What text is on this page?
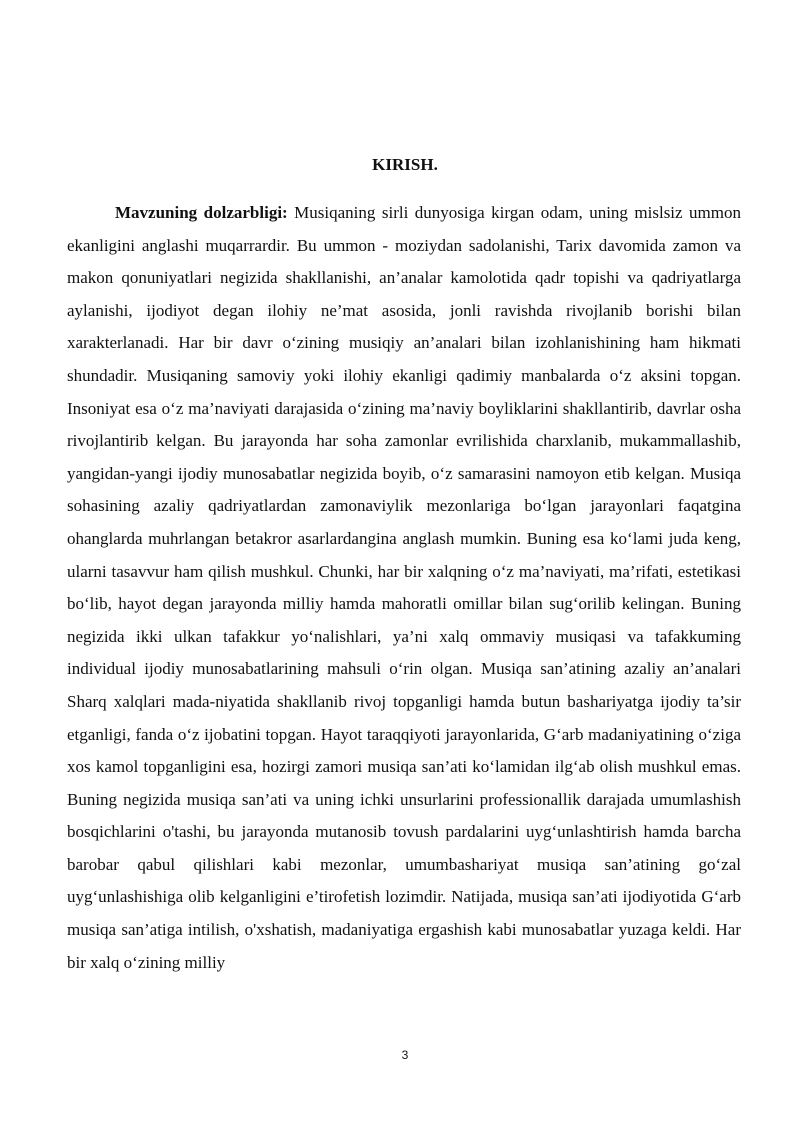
KIRISH.

Mavzuning dolzarbligi: Musiqaning sirli dunyosiga kirgan odam, uning mislsiz ummon ekanligini anglashi muqarrardir. Bu ummon - moziydan sadolanishi, Tarix davomida zamon va makon qonuniyatlari negizida shakllanishi, an’analar kamolotida qadr topishi va qadriyatlarga aylanishi, ijodiyot degan ilohiy ne’mat asosida, jonli ravishda rivojlanib borishi bilan xarakterlanadi. Har bir davr o‘zining musiqiy an’analari bilan izohlanishining ham hikmati shundadir. Musiqaning samoviy yoki ilohiy ekanligi qadimiy manbalarda o‘z aksini topgan. Insoniyat esa o‘z ma’naviyati darajasida o‘zining ma’naviy boyliklarini shakllantirib, davrlar osha rivojlantirib kelgan. Bu jarayonda har soha zamonlar evrilishida charxlanib, mukammallashib, yangidan-yangi ijodiy munosabatlar negizida boyib, o‘z samarasini namoyon etib kelgan. Musiqa sohasining azaliy qadriyatlardan zamonaviylik mezonlariga bo‘lgan jarayonlari faqatgina ohanglarda muhrlangan betakror asarlardangina anglash mumkin. Buning esa ko‘lami juda keng, ularni tasavvur ham qilish mushkul. Chunki, har bir xalqning o‘z ma’naviyati, ma’rifati, estetikasi bo‘lib, hayot degan jarayonda milliy hamda mahoratli omillar bilan sug‘orilib kelingan. Buning negizida ikki ulkan tafakkur yo‘nalishlari, ya’ni xalq ommaviy musiqasi va tafakkuming individual ijodiy munosabatlarining mahsuli o‘rin olgan. Musiqa san’atining azaliy an’analari Sharq xalqlari mada-niyatida shakllanib rivoj topganligi hamda butun bashariyatga ijodiy ta’sir etganligi, fanda o‘z ijobatini topgan. Hayot taraqqiyoti jarayonlarida, G‘arb madaniyatining o‘ziga xos kamol topganligini esa, hozirgi zamori musiqa san’ati ko‘lamidan ilg‘ab olish mushkul emas. Buning negizida musiqa san’ati va uning ichki unsurlarini professionallik darajada umumlashish bosqichlarini o'tashi, bu jarayonda mutanosib tovush pardalarini uyg‘unlashtirish hamda barcha barobar qabul qilishlari kabi mezonlar, umumbashariyat musiqa san’atining go‘zal uyg‘unlashishiga olib kelganligini e’tirofetish lozimdir. Natijada, musiqa san’ati ijodiyotida G‘arb musiqa san’atiga intilish, o'xshatish, madaniyatiga ergashish kabi munosabatlar yuzaga keldi. Har bir xalq o‘zining milliy

3
